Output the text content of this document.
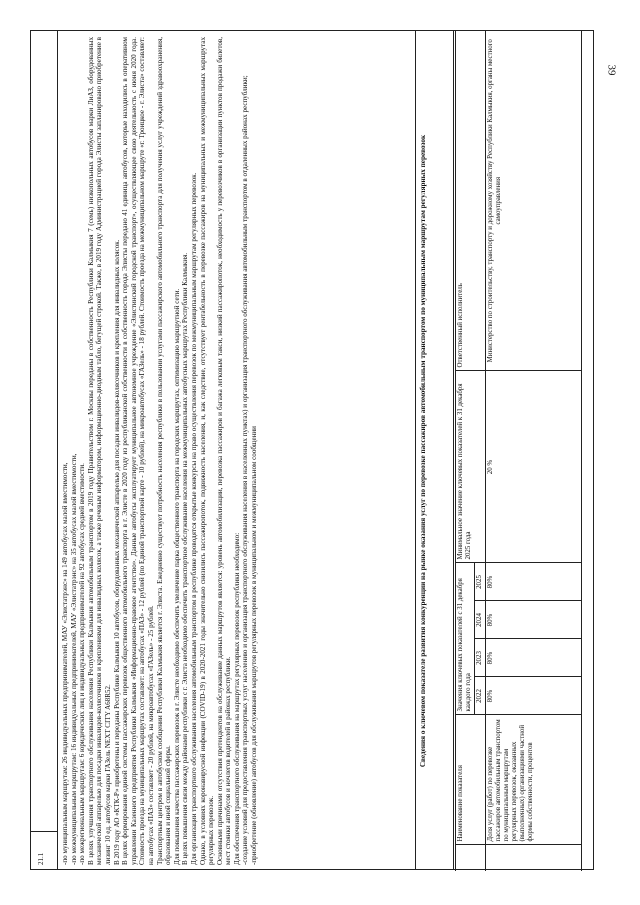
39
21.1 -по муниципальным маршрутам: 26 индивидуальных предпринимателей, МАУ «Элистатрэнс» на 149 автобусах малой вместимости, -по межмуниципальным маршрутам: 16 индивидуальных предпринимателей, МАУ «Элистатрэнс» на 35 автобусах малой вместимости, -по межрегиональным маршрутам: 6 юридических лиц и индивидуальных предпринимателей на 92 автобусах средней вместимости. В целях улучшения транспортного обслуживания населения Республики Калмыкия автомобильным транспортом в 2019 году Правительством г. Москвы переданы в собственность Республики Калмыкия 7 (семь) низкопольных автобусов марки ЛиАЗ, оборудованных механической аппарелью для посадки инвалидов-колясочников и креплениями для инвалидных колясок, а также речевым информатором, информационно-диодным табло, бегущей строкой. Также, в 2019 году Администрацией города Элисты запланировано приобретение в лизинг 10 ед. автобусов марки ГАЗель NEXT CITY A68R52. В 2019 году АО «КТК-Р» приобретены и переданы Республике Калмыкия 10 автобусов, оборудованных механической аппарелью для посадки инвалидов-колясочников и крепления для инвалидных колясок. В целях формирования единой системы пассажирских перевозок общественного автомобильного транспорта в г. Элисте в 2020 году из республиканской собственности в собственность города Элисты передано 41 единица автобусов, которые находились в оперативном управлении Казенного предприятия Республики Калмыкия «Информационно-правовое агентство». Данные автобусы эксплуатирует муниципальное автономное учреждение «Элистинский городской транспорт», осуществляющее свою деятельность с июня 2020 года. Стоимость проезда на муниципальных маршрутах составляет: на автобусах «ПАЗ» - 12 рублей (по Единой транспортной карте - 10 рублей), на микроавтобусах «ГАЗель» - 18 рублей. Стоимость проезда на межмуниципальном маршруте «г. Троицкое - г. Элиста» составляет: на автобусах «ПАЗ» составляет - 20 рублей, на микроавтобусах «ГАЗель» - 25 рублей. Транспортным центром в автобусном сообщении Республики Калмыкия является г. Элиста. Ежедневно существует потребность населения республики в пользовании услугами пассажирского автомобильного транспорта для получения услуг учреждений здравоохранения, образования и иной социальной сферы. Для повышения качества пассажирских перевозок в г. Элисте необходимо обеспечить увеличение парка общественного транспорта на городских маршрутах, оптимизацию маршрутной сети. В целях повышения связи между районами республики с г. Элиста необходимо обеспечить транспортное обслуживание населения на межмуниципальных автобусных маршрутах Республики Калмыкия. Для организации транспортного обслуживания населения автомобильным транспортом в республике проводятся открытые конкурсы на право осуществления перевозок по межмуниципальным маршрутам регулярных перевозок. Однако, в условиях коронавирусной инфекции (COVID-19) в 2020-2021 годы значительно снизились пассажиропоток, подвижность населения, и, как следствие, отсутствует рентабельность в перевозке пассажиров на муниципальных и межмуниципальных маршрутах регулярных перевозок. Основными причинами отсутствия претендентов на обслуживание данных маршрутов является: уровень автомобилизации, перевозка пассажиров и багажа легковым такси, низкий пассажиропоток, необходимость у перевозчиков в организации пунктов продажи билетов, мест стоянки автобусов и ночлегов водителей в районах республики. Для обеспечения транспортного обслуживания на маршрутах регулярных перевозок республики необходимо: -создание условий для предоставления транспортных услуг населению и организация транспортного обслуживания населения в населенных пунктах) и организация транспортного обслуживания автомобильным транспортом в отдаленных районах республики; -приобретение (обновление) автобусов для обслуживания маршрутов регулярных перевозок в муниципальном и межмуниципальном сообщении	Сведения о ключевом показателе развития конкуренции на рынке оказания услуг по перевозке пассажиров автомобильным транспортом по муниципальным маршрутам регулярных перевозок
	Наименование показателя	Значения ключевых показателей с 31 декабря каждого года				Минимальное значение ключевых показателей к 31 декабря 2025 года	Ответственный исполнитель
		2022	2023	2024	2025		
	Доля услуг (работ) по перевозке пассажиров автомобильным транспортом по муниципальным маршрутам регулярных перевозок, оказанных (выполненных) организациями частной формы собственности, процентов	80%	80%	80%	80%	20 %	Министерство по строительству, транспорту и дорожному хозяйству Республики Калмыкия, органы местного самоуправления
